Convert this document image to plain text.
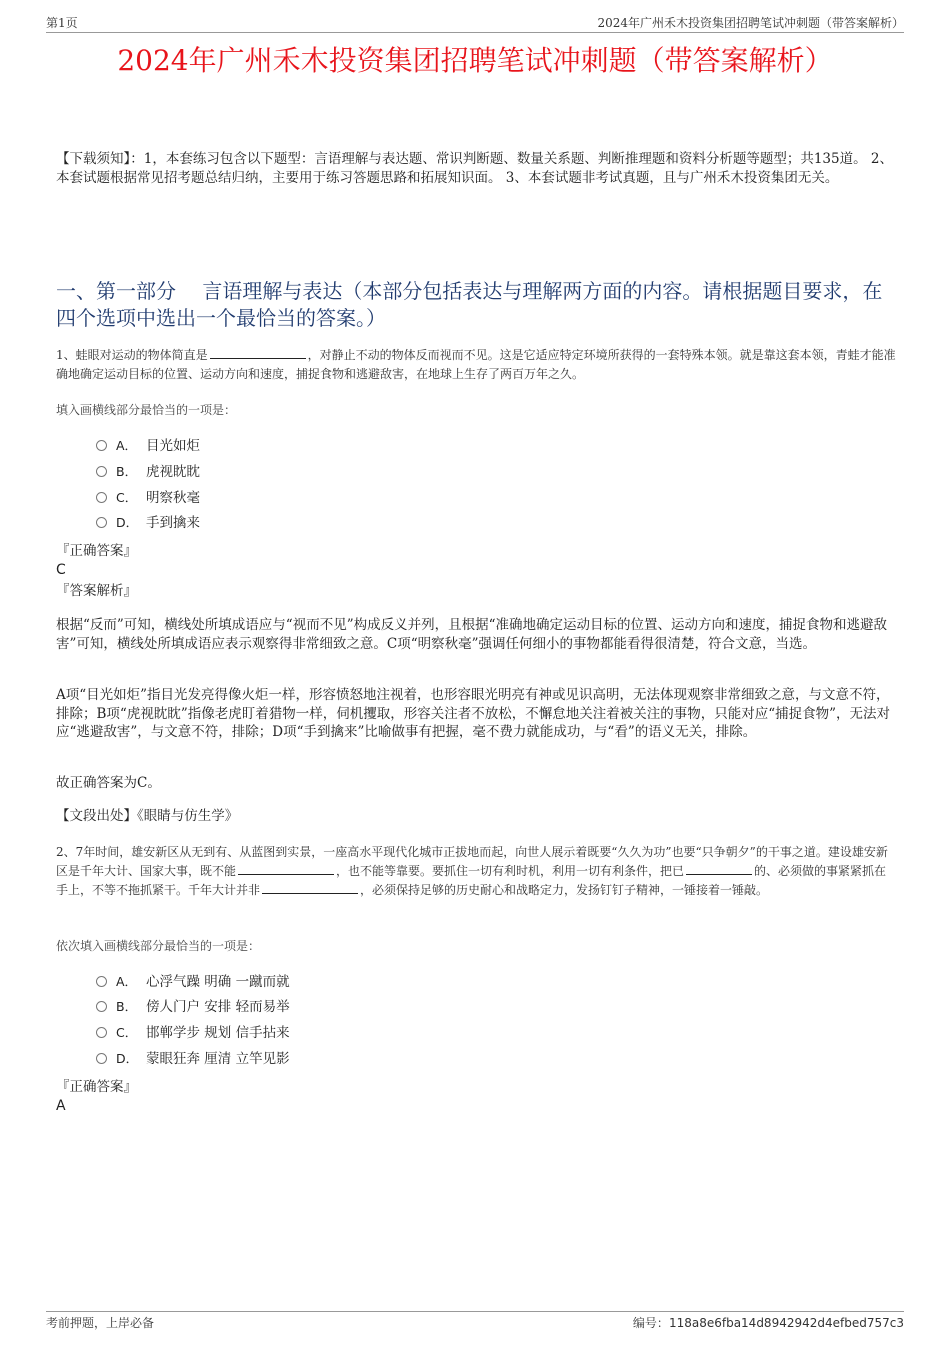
第1页	2024年广州禾木投资集团招聘笔试冲刺题（带答案解析）
2024年广州禾木投资集团招聘笔试冲刺题（带答案解析）
【下载须知】：1，本套练习包含以下题型：言语理解与表达题、常识判断题、数量关系题、判断推理题和资料分析题等题型；共135道。 2、本套试题根据常见招考题总结归纳，主要用于练习答题思路和拓展知识面。 3、本套试题非考试真题，且与广州禾木投资集团无关。
一、第一部分　 言语理解与表达（本部分包括表达与理解两方面的内容。请根据题目要求，在四个选项中选出一个最恰当的答案。）
1、蛙眼对运动的物体简直是	，对静止不动的物体反而视而不见。这是它适应特定环境所获得的一套特殊本领。就是靠这套本领，青蛙才能准确地确定运动目标的位置、运动方向和速度，捕捉食物和逃避敌害，在地球上生存了两百万年之久。
填入画横线部分最恰当的一项是：
A． 目光如炬
B． 虎视眈眈
C． 明察秋毫
D． 手到擒来
『正确答案』
C
『答案解析』
根据“反而”可知，横线处所填成语应与“视而不见”构成反义并列，且根据“准确地确定运动目标的位置、运动方向和速度，捕捉食物和逃避敌害”可知，横线处所填成语应表示观察得非常细致之意。C项“明察秋毫”强调任何细小的事物都能看得很清楚，符合文意，当选。
A项“目光如炬”指目光发亮得像火炬一样，形容愤怒地注视着，也形容眼光明亮有神或见识高明，无法体现观察非常细致之意，与文意不符，排除；B项“虎视眈眈”指像老虎盯着猎物一样，伺机攫取，形容关注者不放松，不懈怠地关注着被关注的事物，只能对应“捕捉食物”，无法对应“逃避敌害”，与文意不符，排除；D项“手到擒来”比喻做事有把握，毫不费力就能成功，与“看”的语义无关，排除。
故正确答案为C。
【文段出处】《眼睛与仿生学》
2、7年时间，雄安新区从无到有、从蓝图到实景，一座高水平现代化城市正拔地而起，向世人展示着既要“久久为功”也要“只争朝夕”的干事之道。建设雄安新区是千年大计、国家大事，既不能	，也不能等靠要。要抓住一切有利时机，利用一切有利条件，把已	的、必须做的事紧紧抓在手上，不等不拖抓紧干。千年大计并非	，必须保持足够的历史耐心和战略定力，发扬钉钉子精神，一锤接着一锤敲。
依次填入画横线部分最恰当的一项是：
A． 心浮气躁 明确 一蹴而就
B． 傍人门户 安排 轻而易举
C． 邯郸学步 规划 信手拈来
D． 蒙眼狂奔 厘清 立竿见影
『正确答案』
A
考前押题，上岸必备	编号：118a8e6fba14d8942942d4efbed757c3
